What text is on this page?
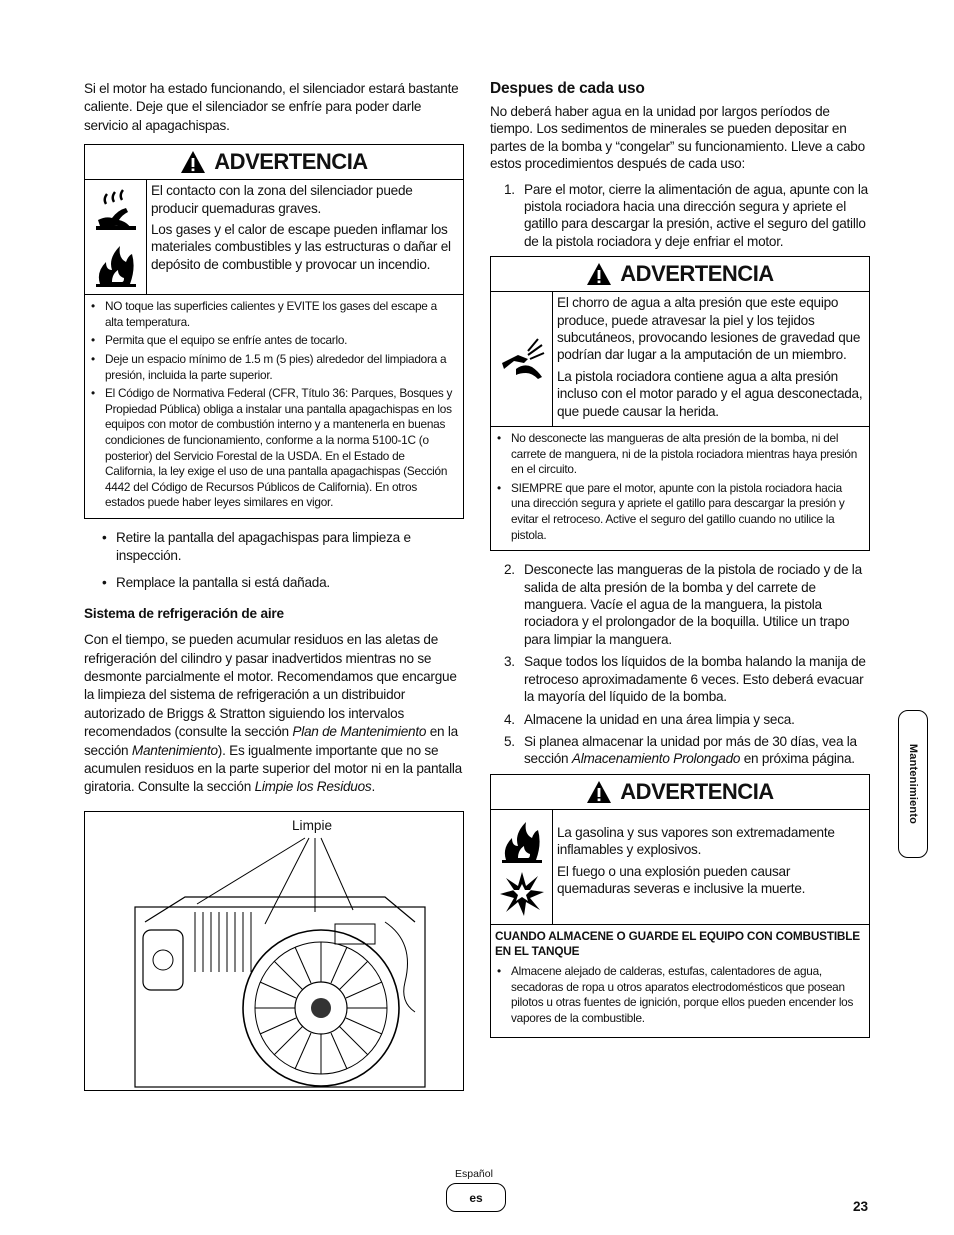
Si el motor ha estado funcionando, el silenciador estará bastante caliente. Deje que el silenciador se enfríe para poder darle servicio al apagachispas.

ADVERTENCIA

El contacto con la zona del silenciador puede producir quemaduras graves.

Los gases y el calor de escape pueden inflamar los materiales combustibles y las estructuras o dañar el depósito de combustible y provocar un incendio.

• NO toque las superficies calientes y EVITE los gases del escape a alta temperatura.
• Permita que el equipo se enfríe antes de tocarlo.
• Deje un espacio mínimo de 1.5 m (5 pies) alrededor del limpiadora a presión, incluida la parte superior.
• El Código de Normativa Federal (CFR, Título 36: Parques, Bosques y Propiedad Pública) obliga a instalar una pantalla apagachispas en los equipos con motor de combustión interno y a mantenerla en buenas condiciones de funcionamiento, conforme a la norma 5100-1C (o posterior) del Servicio Forestal de la USDA. En el Estado de California, la ley exige el uso de una pantalla apagachispas (Sección 4442 del Código de Recursos Públicos de California). En otros estados puede haber leyes similares en vigor.
• Retire la pantalla del apagachispas para limpieza e inspección.
• Remplace la pantalla si está dañada.
Sistema de refrigeración de aire

Con el tiempo, se pueden acumular residuos en las aletas de refrigeración del cilindro y pasar inadvertidos mientras no se desmonte parcialmente el motor. Recomendamos que encargue la limpieza del sistema de refrigeración a un distribuidor autorizado de Briggs & Stratton siguiendo los intervalos recomendados (consulte la sección Plan de Mantenimiento en la sección Mantenimiento). Es igualmente importante que no se acumulen residuos en la parte superior del motor ni en la pantalla giratoria. Consulte la sección Limpie los Residuos.

Limpie
Despues de cada uso

No deberá haber agua en la unidad por largos períodos de tiempo. Los sedimentos de minerales se pueden depositar en partes de la bomba y “congelar” su funcionamiento. Lleve a cabo estos procedimientos después de cada uso:

1. Pare el motor, cierre la alimentación de agua, apunte con la pistola rociadora hacia una dirección segura y apriete el gatillo para descargar la presión, active el seguro del gatillo de la pistola rociadora y deje enfriar el motor.
ADVERTENCIA

El chorro de agua a alta presión que este equipo produce, puede atravesar la piel y los tejidos subcutáneos, provocando lesiones de gravedad que podrían dar lugar a la amputación de un miembro.

La pistola rociadora contiene agua a alta presión incluso con el motor parado y el agua desconectada, que puede causar la herida.

• No desconecte las mangueras de alta presión de la bomba, ni del carrete de manguera, ni de la pistola rociadora mientras haya presión en el circuito.
• SIEMPRE que pare el motor, apunte con la pistola rociadora hacia una dirección segura y apriete el gatillo para descargar la presión y evitar el retroceso. Active el seguro del gatillo cuando no utilice la pistola.
2. Desconecte las mangueras de la pistola de rociado y de la salida de alta presión de la bomba y del carrete de manguera. Vacíe el agua de la manguera, la pistola rociadora y el prolongador de la boquilla. Utilice un trapo para limpiar la manguera.
3. Saque todos los líquidos de la bomba halando la manija de retroceso aproximadamente 6 veces. Esto deberá evacuar la mayoría del líquido de la bomba.
4. Almacene la unidad en una área limpia y seca.
5. Si planea almacenar la unidad por más de 30 días, vea la sección Almacenamiento Prolongado en próxima página.
ADVERTENCIA

La gasolina y sus vapores son extremadamente inflamables y explosivos.

El fuego o una explosión pueden causar quemaduras severas e inclusive la muerte.

CUANDO ALMACENE O GUARDE EL EQUIPO CON COMBUSTIBLE EN EL TANQUE
• Almacene alejado de calderas, estufas, calentadores de agua, secadoras de ropa u otros aparatos electrodomésticos que posean pilotos u otras fuentes de ignición, porque ellos pueden encender los vapores de la combustible.
Mantenimiento
Español
es
23
